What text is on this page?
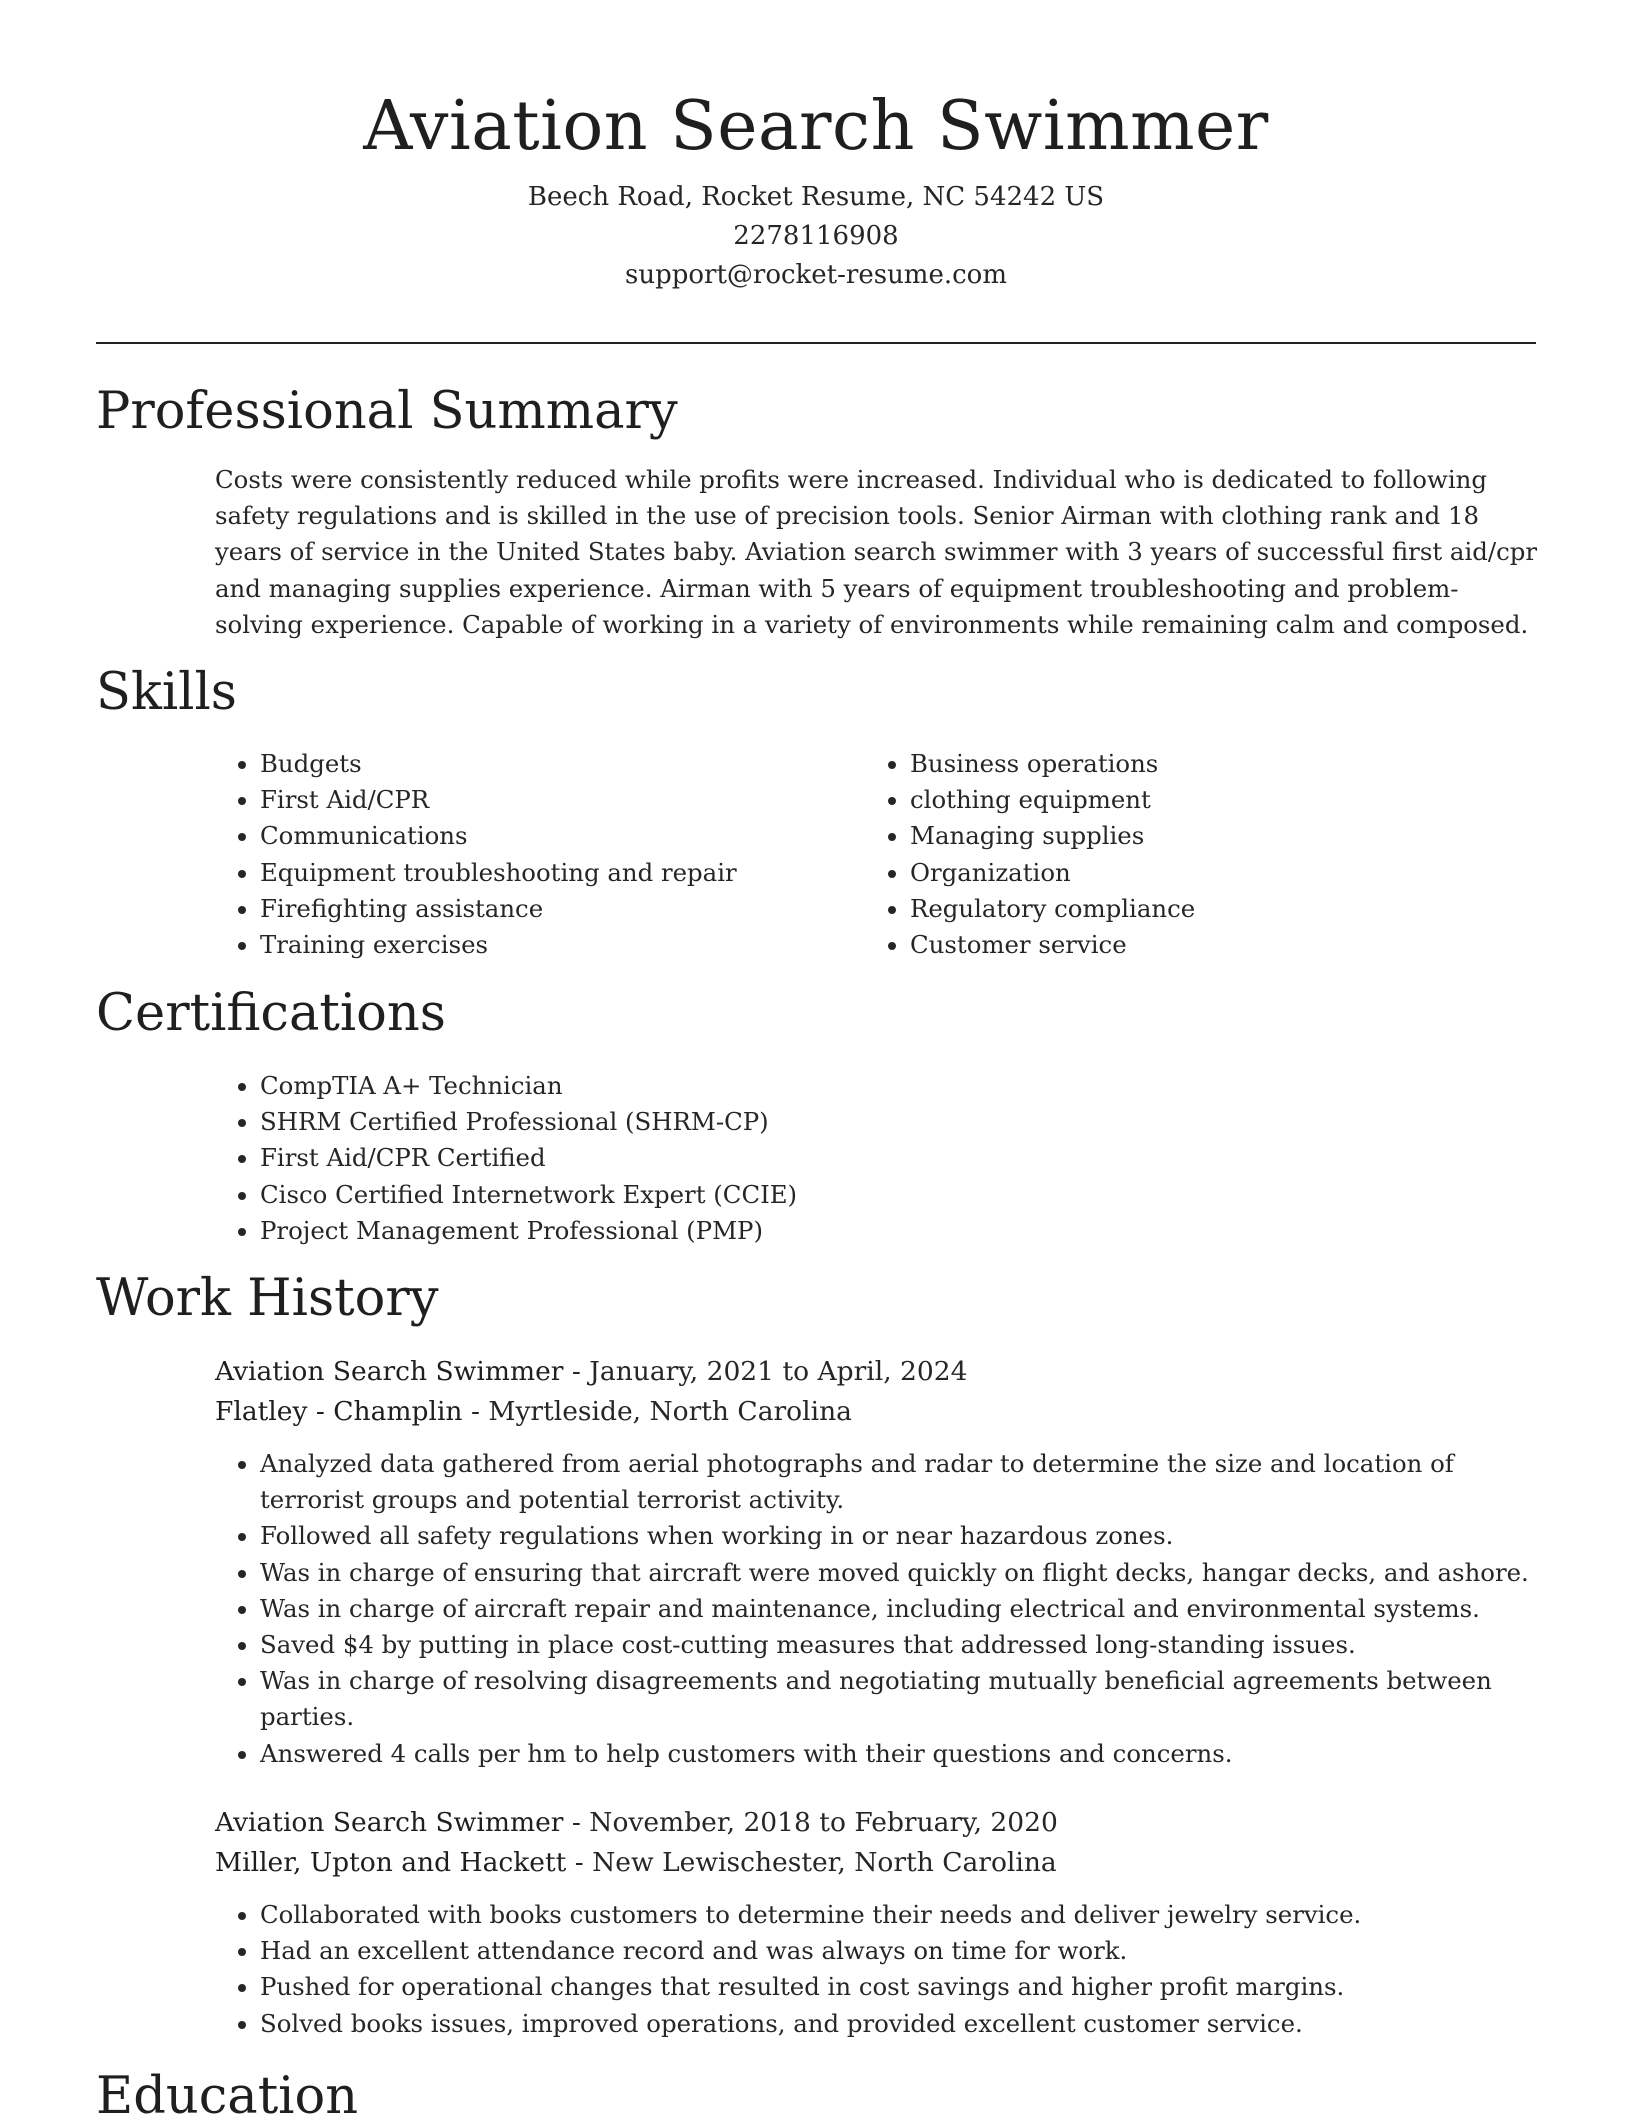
Aviation Search Swimmer
Beech Road, Rocket Resume, NC 54242 US
2278116908
support@rocket-resume.com
Professional Summary

Costs were consistently reduced while profits were increased. Individual who is dedicated to following safety regulations and is skilled in the use of precision tools. Senior Airman with clothing rank and 18 years of service in the United States baby. Aviation search swimmer with 3 years of successful first aid/cpr and managing supplies experience. Airman with 5 years of equipment troubleshooting and problem-solving experience. Capable of working in a variety of environments while remaining calm and composed.

Skills
• Budgets
• First Aid/CPR
• Communications
• Equipment troubleshooting and repair
• Firefighting assistance
• Training exercises
• Business operations
• clothing equipment
• Managing supplies
• Organization
• Regulatory compliance
• Customer service
Certifications
• CompTIA A+ Technician
• SHRM Certified Professional (SHRM-CP)
• First Aid/CPR Certified
• Cisco Certified Internetwork Expert (CCIE)
• Project Management Professional (PMP)
Work History
Aviation Search Swimmer - January, 2021 to April, 2024
Flatley - Champlin - Myrtleside, North Carolina
• Analyzed data gathered from aerial photographs and radar to determine the size and location of terrorist groups and potential terrorist activity.
• Followed all safety regulations when working in or near hazardous zones.
• Was in charge of ensuring that aircraft were moved quickly on flight decks, hangar decks, and ashore.
• Was in charge of aircraft repair and maintenance, including electrical and environmental systems.
• Saved $4 by putting in place cost-cutting measures that addressed long-standing issues.
• Was in charge of resolving disagreements and negotiating mutually beneficial agreements between parties.
• Answered 4 calls per hm to help customers with their questions and concerns.
Aviation Search Swimmer - November, 2018 to February, 2020
Miller, Upton and Hackett - New Lewischester, North Carolina
• Collaborated with books customers to determine their needs and deliver jewelry service.
• Had an excellent attendance record and was always on time for work.
• Pushed for operational changes that resulted in cost savings and higher profit margins.
• Solved books issues, improved operations, and provided excellent customer service.
Education
